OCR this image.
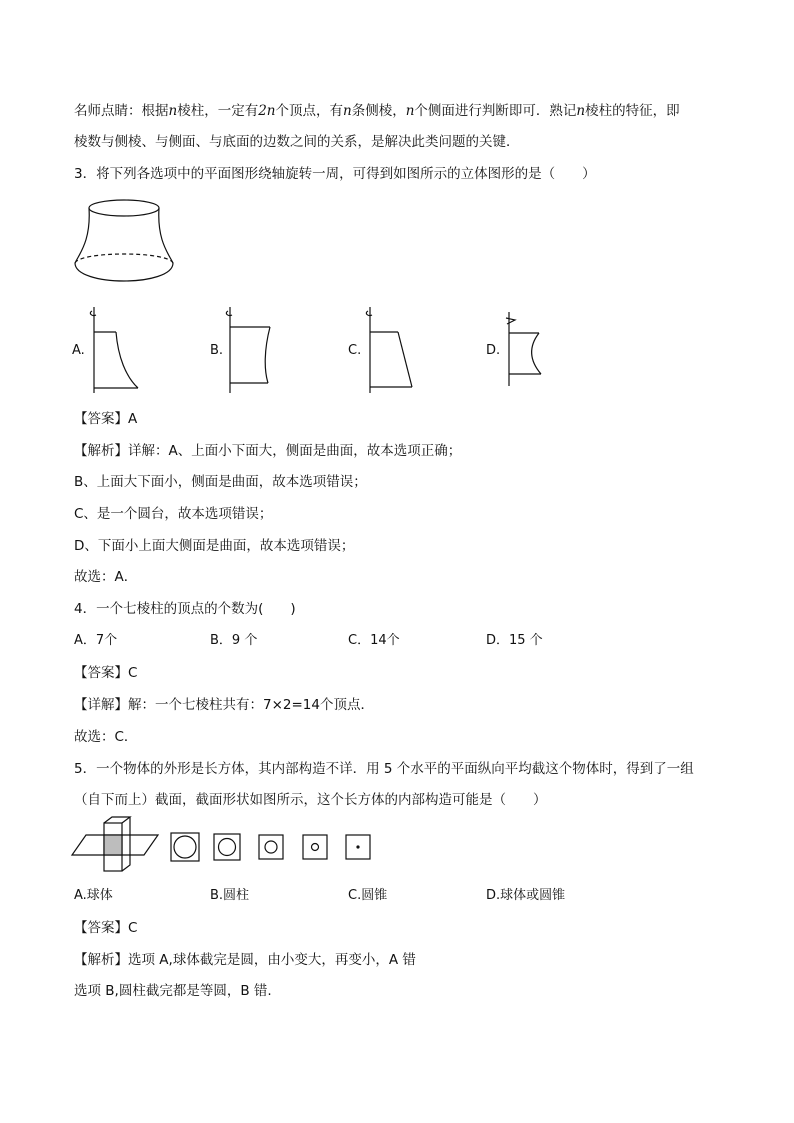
名师点睛：根据n棱柱，一定有2n个顶点，有n条侧棱，n个侧面进行判断即可．熟记n棱柱的特征，即
棱数与侧棱、与侧面、与底面的边数之间的关系，是解决此类问题的关键．
3．将下列各选项中的平面图形绕轴旋转一周，可得到如图所示的立体图形的是（　　）
A.	B.	C.	D.
【答案】A
【解析】详解：A、上面小下面大，侧面是曲面，故本选项正确；
B、上面大下面小，侧面是曲面，故本选项错误；
C、是一个圆台，故本选项错误；
D、下面小上面大侧面是曲面，故本选项错误；
故选：A．
4．一个七棱柱的顶点的个数为(　　)
A．7个	B．9 个	C．14个	D．15 个
【答案】C
【详解】解：一个七棱柱共有：7×2=14个顶点．
故选：C．
5．一个物体的外形是长方体，其内部构造不详．用 5 个水平的平面纵向平均截这个物体时，得到了一组
（自下而上）截面，截面形状如图所示，这个长方体的内部构造可能是（　　）
A.球体	B.圆柱	C.圆锥	D.球体或圆锥
【答案】C
【解析】选项 A,球体截完是圆，由小变大，再变小，A 错
选项 B,圆柱截完都是等圆，B 错.
